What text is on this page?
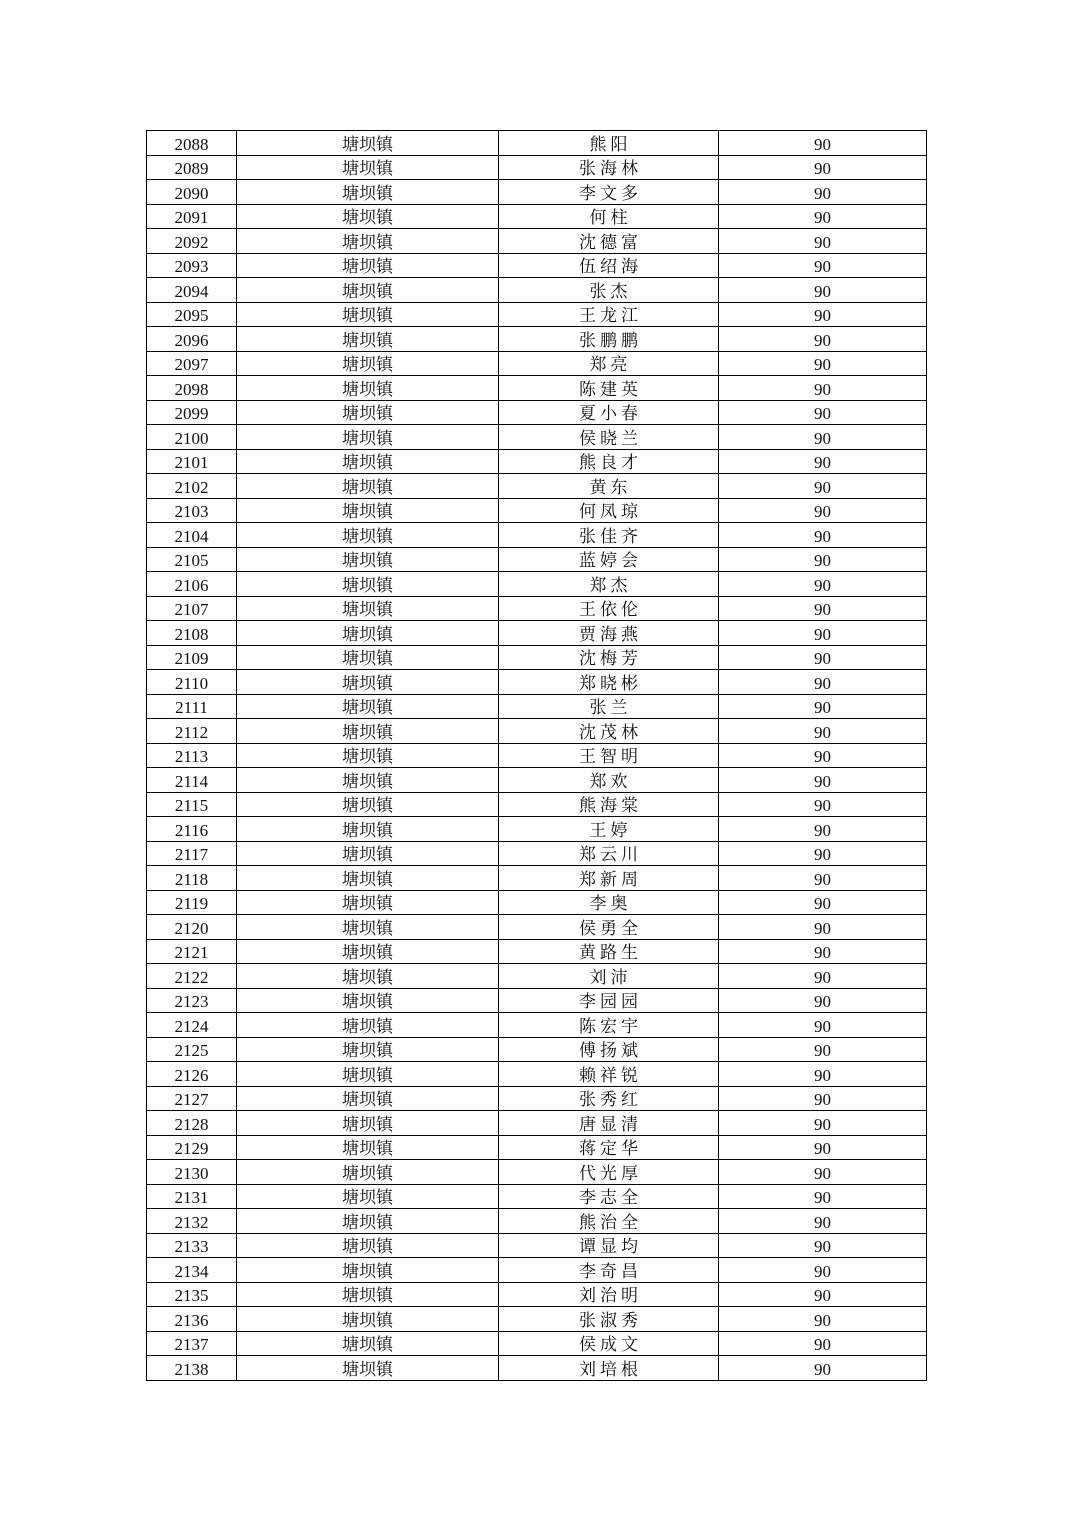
2088	塘坝镇	熊阳	90
2089	塘坝镇	张海林	90
2090	塘坝镇	李文多	90
2091	塘坝镇	何柱	90
2092	塘坝镇	沈德富	90
2093	塘坝镇	伍绍海	90
2094	塘坝镇	张杰	90
2095	塘坝镇	王龙江	90
2096	塘坝镇	张鹏鹏	90
2097	塘坝镇	郑亮	90
2098	塘坝镇	陈建英	90
2099	塘坝镇	夏小春	90
2100	塘坝镇	侯晓兰	90
2101	塘坝镇	熊良才	90
2102	塘坝镇	黄东	90
2103	塘坝镇	何凤琼	90
2104	塘坝镇	张佳齐	90
2105	塘坝镇	蓝婷会	90
2106	塘坝镇	郑杰	90
2107	塘坝镇	王依伦	90
2108	塘坝镇	贾海燕	90
2109	塘坝镇	沈梅芳	90
2110	塘坝镇	郑晓彬	90
2111	塘坝镇	张兰	90
2112	塘坝镇	沈茂林	90
2113	塘坝镇	王智明	90
2114	塘坝镇	郑欢	90
2115	塘坝镇	熊海棠	90
2116	塘坝镇	王婷	90
2117	塘坝镇	郑云川	90
2118	塘坝镇	郑新周	90
2119	塘坝镇	李奥	90
2120	塘坝镇	侯勇全	90
2121	塘坝镇	黄路生	90
2122	塘坝镇	刘沛	90
2123	塘坝镇	李园园	90
2124	塘坝镇	陈宏宇	90
2125	塘坝镇	傅扬斌	90
2126	塘坝镇	赖祥锐	90
2127	塘坝镇	张秀红	90
2128	塘坝镇	唐显清	90
2129	塘坝镇	蒋定华	90
2130	塘坝镇	代光厚	90
2131	塘坝镇	李志全	90
2132	塘坝镇	熊治全	90
2133	塘坝镇	谭显均	90
2134	塘坝镇	李奇昌	90
2135	塘坝镇	刘治明	90
2136	塘坝镇	张淑秀	90
2137	塘坝镇	侯成文	90
2138	塘坝镇	刘培根	90
